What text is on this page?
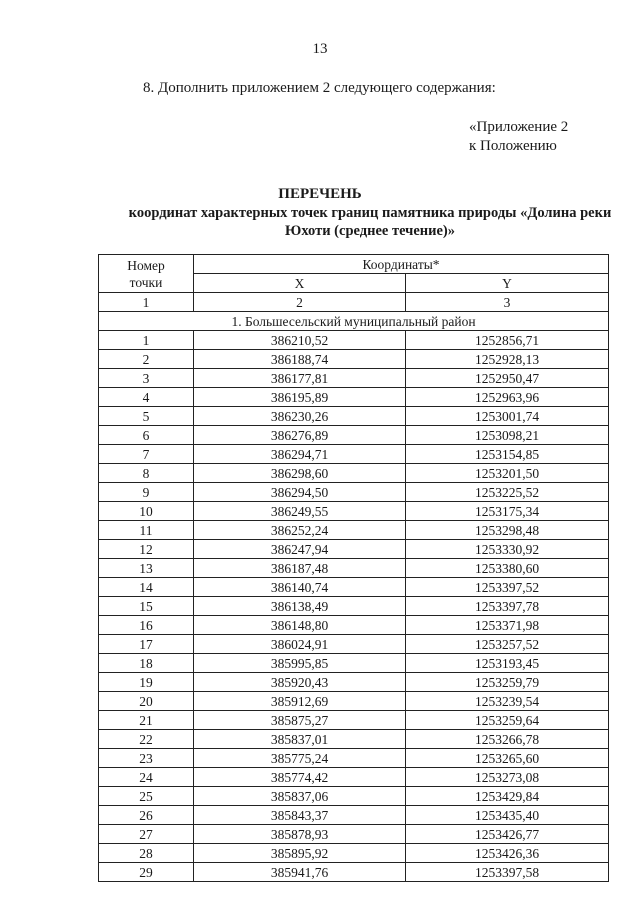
13
8. Дополнить приложением 2 следующего содержания:
«Приложение 2
к Положению
ПЕРЕЧЕНЬ
координат характерных точек границ памятника природы «Долина реки Юхоти (среднее течение)»
Номер точки	Координаты*	
	X	Y
1	2	3
1. Большесельский муниципальный район		
1	386210,52	1252856,71
2	386188,74	1252928,13
3	386177,81	1252950,47
4	386195,89	1252963,96
5	386230,26	1253001,74
6	386276,89	1253098,21
7	386294,71	1253154,85
8	386298,60	1253201,50
9	386294,50	1253225,52
10	386249,55	1253175,34
11	386252,24	1253298,48
12	386247,94	1253330,92
13	386187,48	1253380,60
14	386140,74	1253397,52
15	386138,49	1253397,78
16	386148,80	1253371,98
17	386024,91	1253257,52
18	385995,85	1253193,45
19	385920,43	1253259,79
20	385912,69	1253239,54
21	385875,27	1253259,64
22	385837,01	1253266,78
23	385775,24	1253265,60
24	385774,42	1253273,08
25	385837,06	1253429,84
26	385843,37	1253435,40
27	385878,93	1253426,77
28	385895,92	1253426,36
29	385941,76	1253397,58
